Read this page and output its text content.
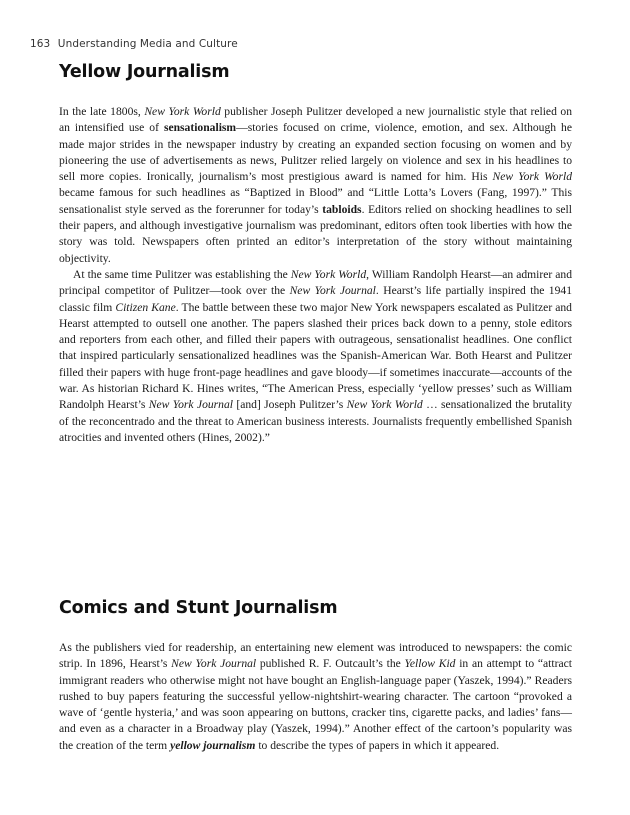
163 Understanding Media and Culture
Yellow Journalism

In the late 1800s, New York World publisher Joseph Pulitzer developed a new journalistic style that relied on an intensified use of sensationalism—stories focused on crime, violence, emotion, and sex. Although he made major strides in the newspaper industry by creating an expanded section focusing on women and by pioneering the use of advertisements as news, Pulitzer relied largely on violence and sex in his headlines to sell more copies. Ironically, journalism’s most prestigious award is named for him. His New York World became famous for such headlines as “Baptized in Blood” and “Little Lotta’s Lovers (Fang, 1997).” This sensationalist style served as the forerunner for today’s tabloids. Editors relied on shocking headlines to sell their papers, and although investigative journalism was predominant, editors often took liberties with how the story was told. Newspapers often printed an editor’s interpretation of the story without maintaining objectivity.

At the same time Pulitzer was establishing the New York World, William Randolph Hearst—an admirer and principal competitor of Pulitzer—took over the New York Journal. Hearst’s life partially inspired the 1941 classic film Citizen Kane. The battle between these two major New York newspapers escalated as Pulitzer and Hearst attempted to outsell one another. The papers slashed their prices back down to a penny, stole editors and reporters from each other, and filled their papers with outrageous, sensationalist headlines. One conflict that inspired particularly sensationalized headlines was the Spanish-American War. Both Hearst and Pulitzer filled their papers with huge front-page headlines and gave bloody—if sometimes inaccurate—accounts of the war. As historian Richard K. Hines writes, “The American Press, especially ‘yellow presses’ such as William Randolph Hearst’s New York Journal [and] Joseph Pulitzer’s New York World … sensationalized the brutality of the reconcentrado and the threat to American business interests. Journalists frequently embellished Spanish atrocities and invented others (Hines, 2002).”

Comics and Stunt Journalism

As the publishers vied for readership, an entertaining new element was introduced to newspapers: the comic strip. In 1896, Hearst’s New York Journal published R. F. Outcault’s the Yellow Kid in an attempt to “attract immigrant readers who otherwise might not have bought an English-language paper (Yaszek, 1994).” Readers rushed to buy papers featuring the successful yellow-nightshirt-wearing character. The cartoon “provoked a wave of ‘gentle hysteria,’ and was soon appearing on buttons, cracker tins, cigarette packs, and ladies’ fans—and even as a character in a Broadway play (Yaszek, 1994).” Another effect of the cartoon’s popularity was the creation of the term yellow journalism to describe the types of papers in which it appeared.
